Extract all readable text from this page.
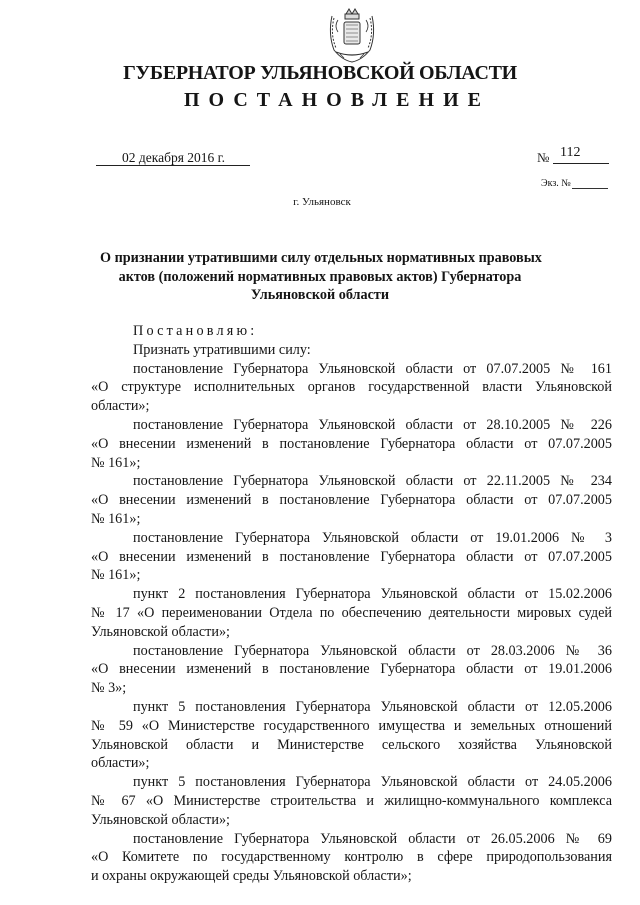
ГУБЕРНАТОР УЛЬЯНОВСКОЙ ОБЛАСТИ
ПОСТАНОВЛЕНИЕ
02 декабря 2016 г.	№ 112
Экз. №
г. Ульяновск
О признании утратившими силу отдельных нормативных правовых
актов (положений нормативных правовых актов) Губернатора
Ульяновской области
Постановляю:
Признать утратившими силу:
постановление Губернатора Ульяновской области от 07.07.2005 № 161
«О структуре исполнительных органов государственной власти Ульяновской
области»;
постановление Губернатора Ульяновской области от 28.10.2005 № 226
«О внесении изменений в постановление Губернатора области от 07.07.2005
№ 161»;
постановление Губернатора Ульяновской области от 22.11.2005 № 234
«О внесении изменений в постановление Губернатора области от 07.07.2005
№ 161»;
постановление Губернатора Ульяновской области от 19.01.2006 № 3
«О внесении изменений в постановление Губернатора области от 07.07.2005
№ 161»;
пункт 2 постановления Губернатора Ульяновской области от 15.02.2006
№ 17 «О переименовании Отдела по обеспечению деятельности мировых судей
Ульяновской области»;
постановление Губернатора Ульяновской области от 28.03.2006 № 36
«О внесении изменений в постановление Губернатора области от 19.01.2006
№ 3»;
пункт 5 постановления Губернатора Ульяновской области от 12.05.2006
№ 59 «О Министерстве государственного имущества и земельных отношений
Ульяновской области и Министерстве сельского хозяйства Ульяновской
области»;
пункт 5 постановления Губернатора Ульяновской области от 24.05.2006
№ 67 «О Министерстве строительства и жилищно-коммунального комплекса
Ульяновской области»;
постановление Губернатора Ульяновской области от 26.05.2006 № 69
«О Комитете по государственному контролю в сфере природопользования
и охраны окружающей среды Ульяновской области»;
